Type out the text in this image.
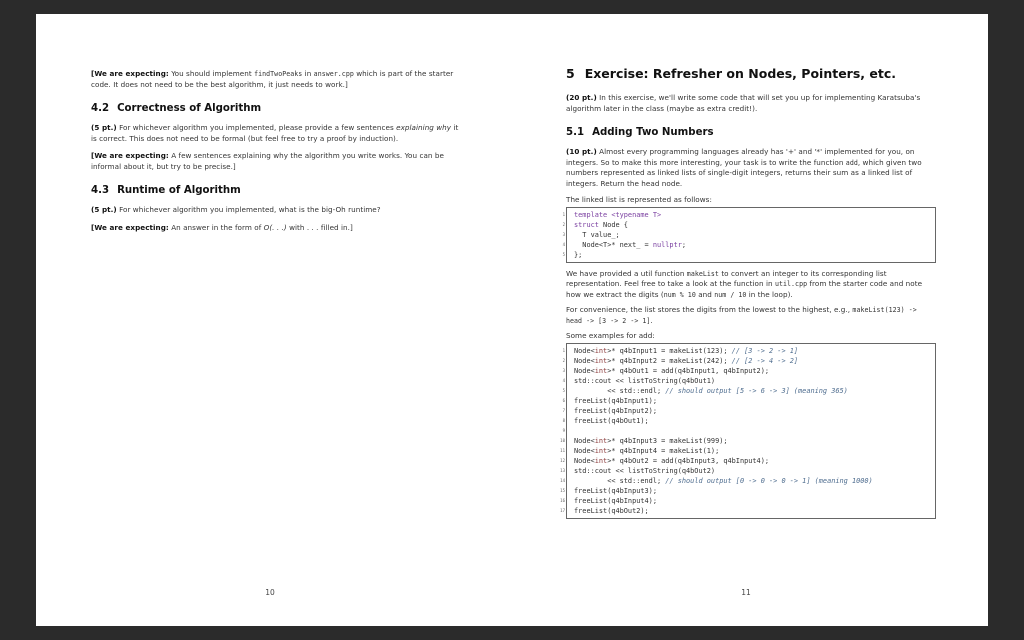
[We are expecting: You should implement findTwoPeaks in answer.cpp which is part of the starter code. It does not need to be the best algorithm, it just needs to work.]

4.2 Correctness of Algorithm

(5 pt.) For whichever algorithm you implemented, please provide a few sentences explaining why it is correct. This does not need to be formal (but feel free to try a proof by induction).

[We are expecting: A few sentences explaining why the algorithm you write works. You can be informal about it, but try to be precise.]

4.3 Runtime of Algorithm

(5 pt.) For whichever algorithm you implemented, what is the big-Oh runtime?

[We are expecting: An answer in the form of O(. . .) with . . . filled in.]

10
5 Exercise: Refresher on Nodes, Pointers, etc.

(20 pt.) In this exercise, we'll write some code that will set you up for implementing Karatsuba's algorithm later in the class (maybe as extra credit!).

5.1 Adding Two Numbers

(10 pt.) Almost every programming languages already has '+' and '*' implemented for you, on integers. So to make this more interesting, your task is to write the function add, which given two numbers represented as linked lists of single-digit integers, returns their sum as a linked list of integers. Return the head node.

The linked list is represented as follows:

1 template <typename T>
2 struct Node {
3 T value_;
4 Node<T>* next_ = nullptr;
5 };

We have provided a util function makeList to convert an integer to its corresponding list representation. Feel free to take a look at the function in util.cpp from the starter code and note how we extract the digits (num % 10 and num / 10 in the loop).

For convenience, the list stores the digits from the lowest to the highest, e.g., makeList(123) -> head -> [3 -> 2 -> 1].

Some examples for add:

1 Node<int>* q4bInput1 = makeList(123); // [3 -> 2 -> 1]
2 Node<int>* q4bInput2 = makeList(242); // [2 -> 4 -> 2]
3 Node<int>* q4bOut1 = add(q4bInput1, q4bInput2);
4 std::cout << listToString(q4bOut1)
5 << std::endl; // should output [5 -> 6 -> 3] (meaning 365)
6 freeList(q4bInput1);
7 freeList(q4bInput2);
8 freeList(q4bOut1);
9

10 Node<int>* q4bInput3 = makeList(999);
11 Node<int>* q4bInput4 = makeList(1);
12 Node<int>* q4bOut2 = add(q4bInput3, q4bInput4);
13 std::cout << listToString(q4bOut2)
14 << std::endl; // should output [0 -> 0 -> 0 -> 1] (meaning 1000)
15 freeList(q4bInput3);
16 freeList(q4bInput4);
17 freeList(q4bOut2);
11
